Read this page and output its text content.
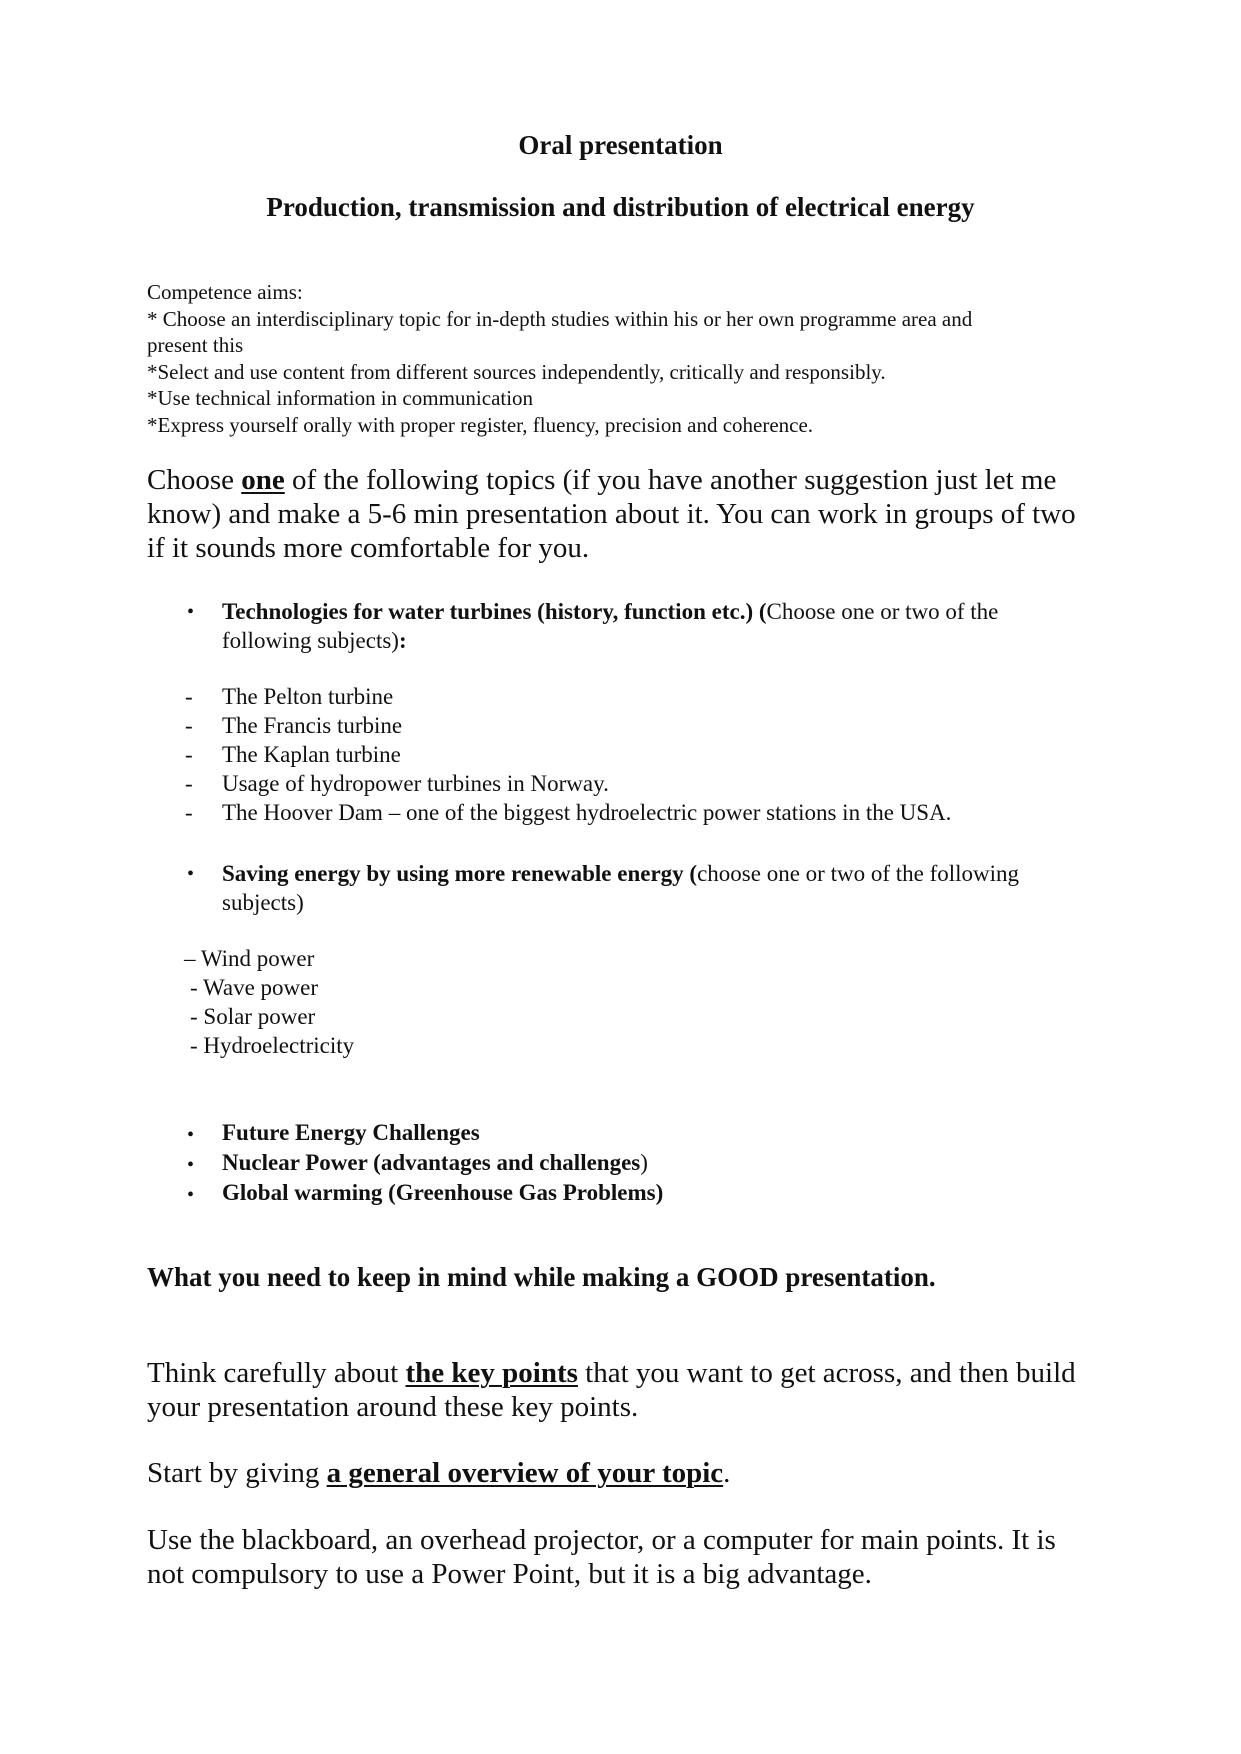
Oral presentation
Production, transmission and distribution of electrical energy
Competence aims:
* Choose an interdisciplinary topic for in-depth studies within his or her own programme area and
present this
*Select and use content from different sources independently, critically and responsibly.
*Use technical information in communication
*Express yourself orally with proper register, fluency, precision and coherence.
Choose one of the following topics (if you have another suggestion just let me
know) and make a 5-6 min presentation about it. You can work in groups of two
if it sounds more comfortable for you.
• Technologies for water turbines (history, function etc.) (Choose one or two of the
following subjects):
- The Pelton turbine
- The Francis turbine
- The Kaplan turbine
- Usage of hydropower turbines in Norway.
- The Hoover Dam – one of the biggest hydroelectric power stations in the USA.
• Saving energy by using more renewable energy (choose one or two of the following
subjects)
– Wind power
- Wave power
- Solar power
- Hydroelectricity
•
•
•
Future Energy Challenges
Nuclear Power (advantages and challenges)
Global warming (Greenhouse Gas Problems)
What you need to keep in mind while making a GOOD presentation.
Think carefully about the key points that you want to get across, and then build
your presentation around these key points.
Start by giving a general overview of your topic.
Use the blackboard, an overhead projector, or a computer for main points. It is
not compulsory to use a Power Point, but it is a big advantage.
